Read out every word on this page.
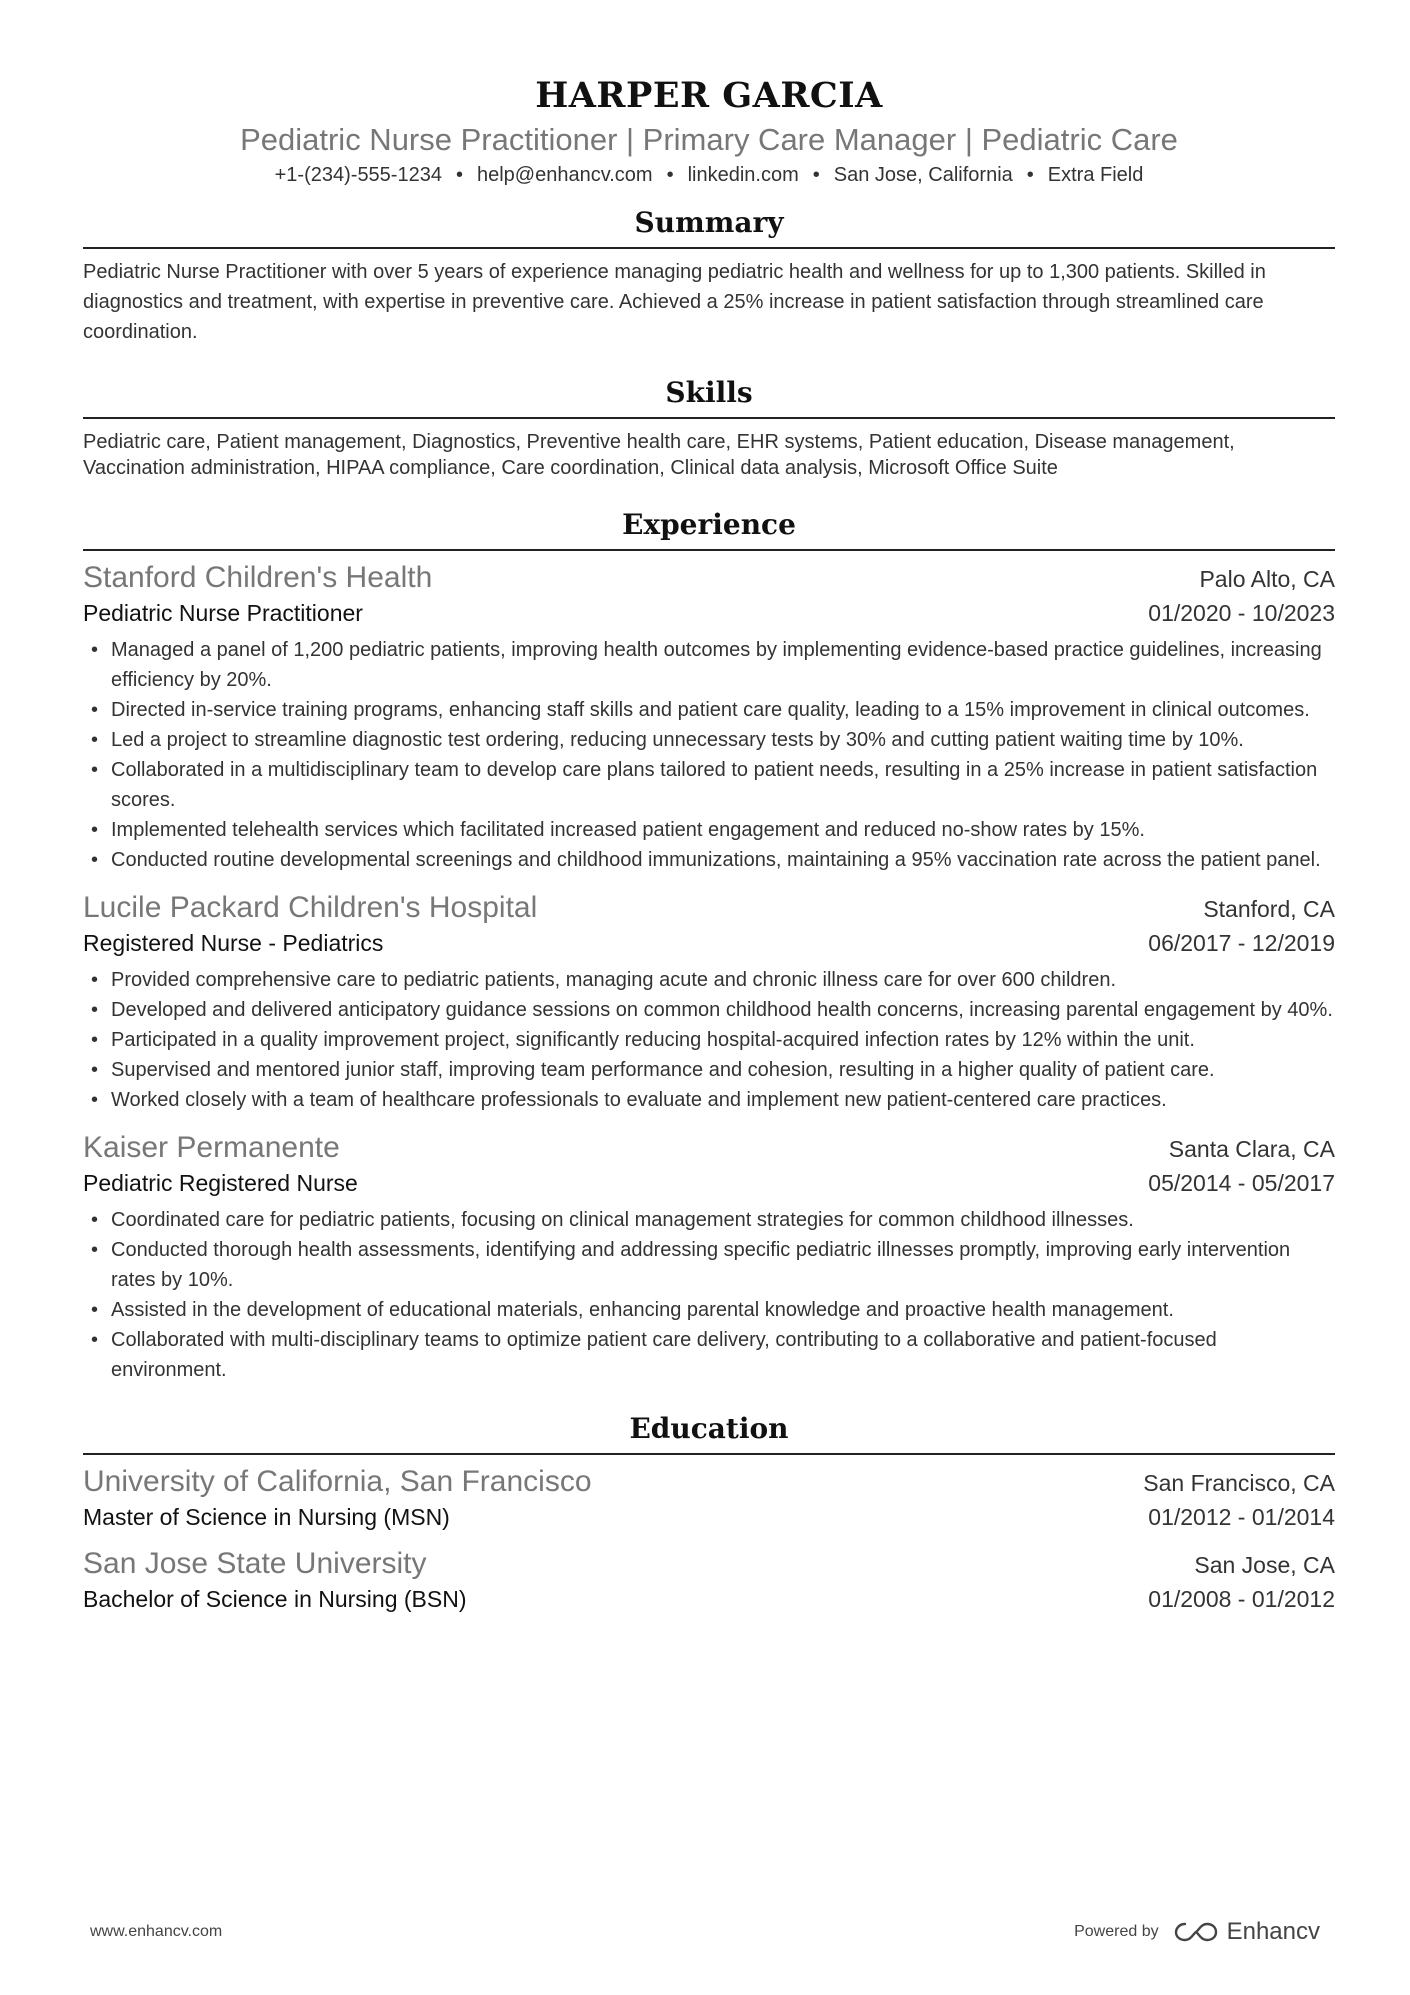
HARPER GARCIA
Pediatric Nurse Practitioner | Primary Care Manager | Pediatric Care
+1-(234)-555-1234 • help@enhancv.com • linkedin.com • San Jose, California • Extra Field
Summary
Pediatric Nurse Practitioner with over 5 years of experience managing pediatric health and wellness for up to 1,300 patients. Skilled in diagnostics and treatment, with expertise in preventive care. Achieved a 25% increase in patient satisfaction through streamlined care coordination.
Skills
Pediatric care, Patient management, Diagnostics, Preventive health care, EHR systems, Patient education, Disease management, Vaccination administration, HIPAA compliance, Care coordination, Clinical data analysis, Microsoft Office Suite
Experience
Stanford Children's Health	Palo Alto, CA
Pediatric Nurse Practitioner	01/2020 - 10/2023
• Managed a panel of 1,200 pediatric patients, improving health outcomes by implementing evidence-based practice guidelines, increasing efficiency by 20%.
• Directed in-service training programs, enhancing staff skills and patient care quality, leading to a 15% improvement in clinical outcomes.
• Led a project to streamline diagnostic test ordering, reducing unnecessary tests by 30% and cutting patient waiting time by 10%.
• Collaborated in a multidisciplinary team to develop care plans tailored to patient needs, resulting in a 25% increase in patient satisfaction scores.
• Implemented telehealth services which facilitated increased patient engagement and reduced no-show rates by 15%.
• Conducted routine developmental screenings and childhood immunizations, maintaining a 95% vaccination rate across the patient panel.
Lucile Packard Children's Hospital	Stanford, CA
Registered Nurse - Pediatrics	06/2017 - 12/2019
• Provided comprehensive care to pediatric patients, managing acute and chronic illness care for over 600 children.
• Developed and delivered anticipatory guidance sessions on common childhood health concerns, increasing parental engagement by 40%.
• Participated in a quality improvement project, significantly reducing hospital-acquired infection rates by 12% within the unit.
• Supervised and mentored junior staff, improving team performance and cohesion, resulting in a higher quality of patient care.
• Worked closely with a team of healthcare professionals to evaluate and implement new patient-centered care practices.
Kaiser Permanente	Santa Clara, CA
Pediatric Registered Nurse	05/2014 - 05/2017
• Coordinated care for pediatric patients, focusing on clinical management strategies for common childhood illnesses.
• Conducted thorough health assessments, identifying and addressing specific pediatric illnesses promptly, improving early intervention rates by 10%.
• Assisted in the development of educational materials, enhancing parental knowledge and proactive health management.
• Collaborated with multi-disciplinary teams to optimize patient care delivery, contributing to a collaborative and patient-focused environment.
Education
University of California, San Francisco	San Francisco, CA
Master of Science in Nursing (MSN)	01/2012 - 01/2014
San Jose State University	San Jose, CA
Bachelor of Science in Nursing (BSN)	01/2008 - 01/2012
www.enhancv.com	Powered by	Enhancv
